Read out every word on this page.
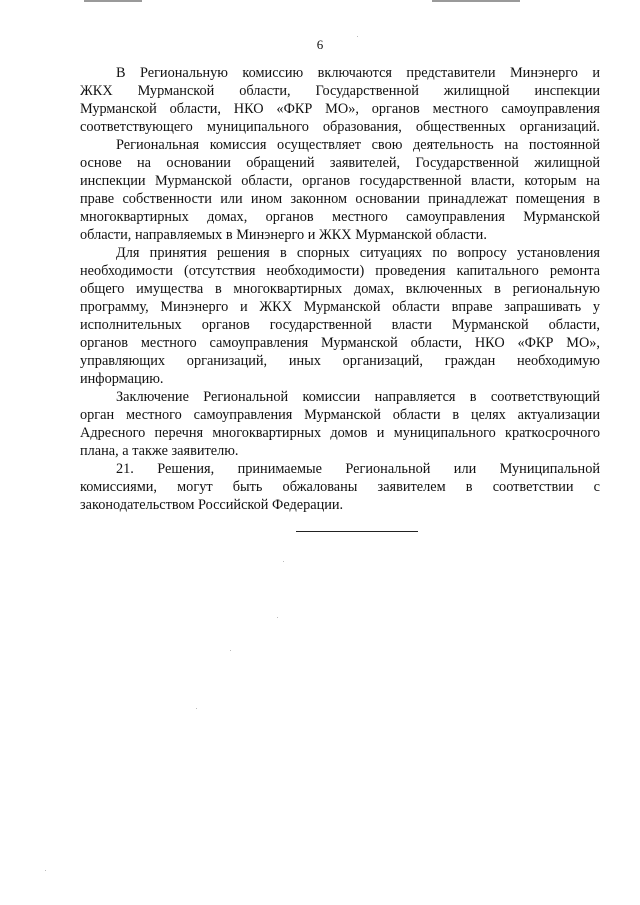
6

В Региональную комиссию включаются представители Минэнерго и
ЖКХ Мурманской области, Государственной жилищной инспекции
Мурманской области, НКО «ФКР МО», органов местного самоуправления
соответствующего муниципального образования, общественных организаций.

Региональная комиссия осуществляет свою деятельность на постоянной
основе на основании обращений заявителей, Государственной жилищной
инспекции Мурманской области, органов государственной власти, которым на
праве собственности или ином законном основании принадлежат помещения в
многоквартирных домах, органов местного самоуправления Мурманской
области, направляемых в Минэнерго и ЖКХ Мурманской области.

Для принятия решения в спорных ситуациях по вопросу установления
необходимости (отсутствия необходимости) проведения капитального ремонта
общего имущества в многоквартирных домах, включенных в региональную
программу, Минэнерго и ЖКХ Мурманской области вправе запрашивать у
исполнительных органов государственной власти Мурманской области,
органов местного самоуправления Мурманской области, НКО «ФКР МО»,
управляющих организаций, иных организаций, граждан необходимую
информацию.

Заключение Региональной комиссии направляется в соответствующий
орган местного самоуправления Мурманской области в целях актуализации
Адресного перечня многоквартирных домов и муниципального краткосрочного
плана, а также заявителю.

21. Решения, принимаемые Региональной или Муниципальной
комиссиями, могут быть обжалованы заявителем в соответствии с
законодательством Российской Федерации.
